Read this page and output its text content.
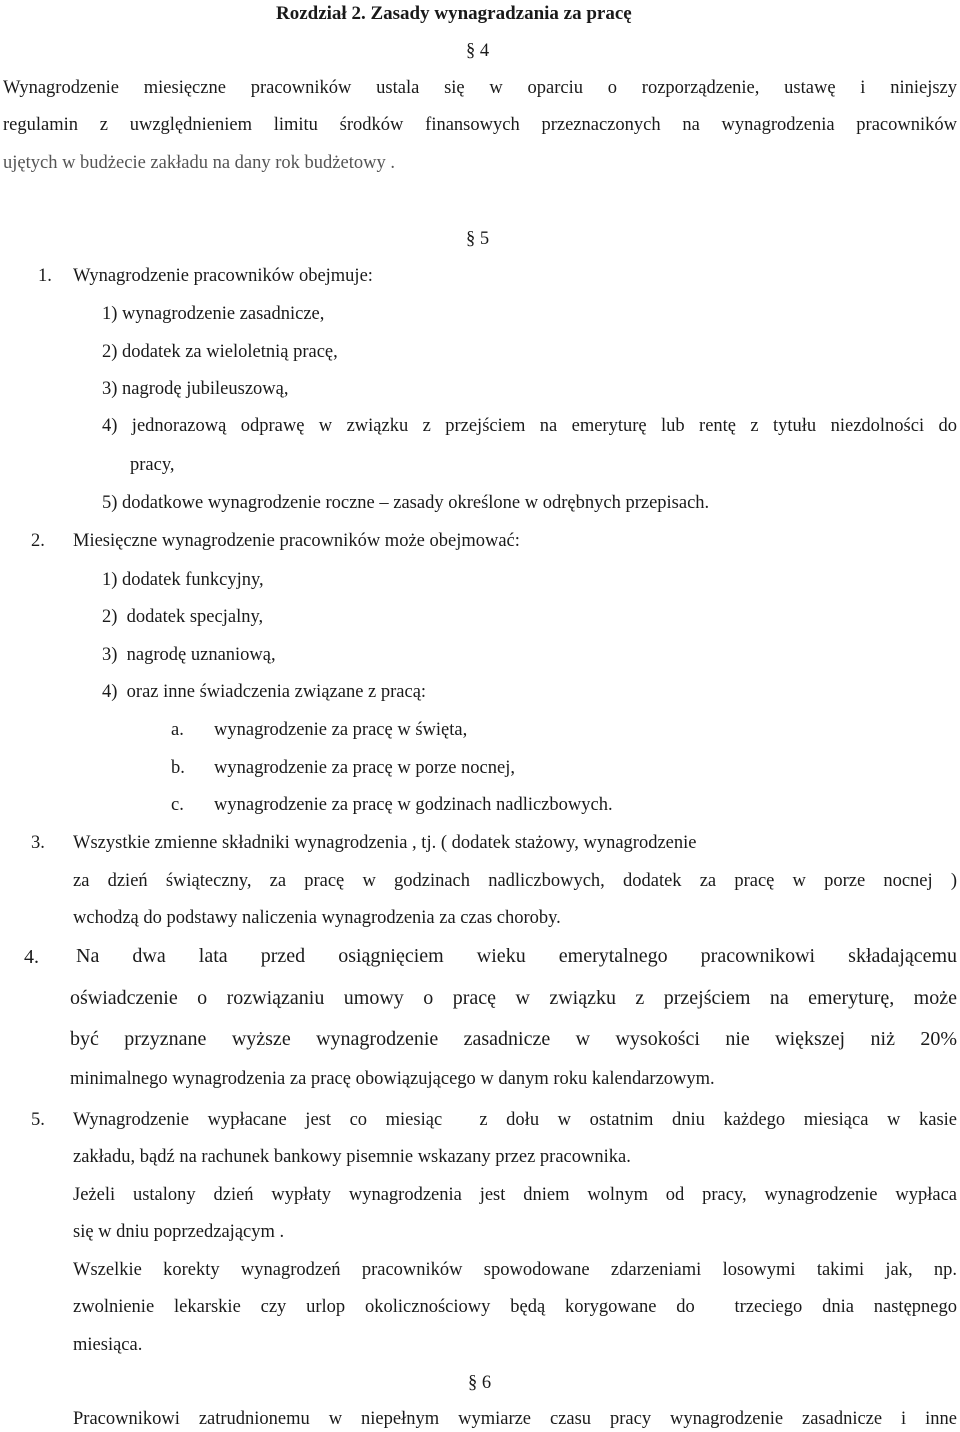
Rozdział 2. Zasady wynagradzania za pracę
§ 4
Wynagrodzenie miesięczne pracowników ustala się w oparciu o rozporządzenie, ustawę i niniejszy
regulamin z uwzględnieniem limitu środków finansowych przeznaczonych na wynagrodzenia pracowników
ujętych w budżecie zakładu na dany rok budżetowy .
§ 5
1. Wynagrodzenie pracowników obejmuje:
1) wynagrodzenie zasadnicze,
2) dodatek za wieloletnią pracę,
3) nagrodę jubileuszową,
4) jednorazową odprawę w związku z przejściem na emeryturę lub rentę z tytułu niezdolności do
pracy,
5) dodatkowe wynagrodzenie roczne – zasady określone w odrębnych przepisach.
2. Miesięczne wynagrodzenie pracowników może obejmować:
1) dodatek funkcyjny,
2)  dodatek specjalny,
3)  nagrodę uznaniową,
4)  oraz inne świadczenia związane z pracą:
a. wynagrodzenie za pracę w święta,
b. wynagrodzenie za pracę w porze nocnej,
c. wynagrodzenie za pracę w godzinach nadliczbowych.
3. Wszystkie zmienne składniki wynagrodzenia , tj. ( dodatek stażowy, wynagrodzenie
za dzień świąteczny, za pracę w godzinach nadliczbowych, dodatek za pracę w porze nocnej )
wchodzą do podstawy naliczenia wynagrodzenia za czas choroby.
4. Na dwa lata przed osiągnięciem wieku emerytalnego pracownikowi składającemu
oświadczenie o rozwiązaniu umowy o pracę w związku z przejściem na emeryturę, może
być przyznane wyższe wynagrodzenie zasadnicze w wysokości nie większej niż 20%
minimalnego wynagrodzenia za pracę obowiązującego w danym roku kalendarzowym.
5. Wynagrodzenie wypłacane jest co miesiąc  z dołu w ostatnim dniu każdego miesiąca w kasie
zakładu, bądź na rachunek bankowy pisemnie wskazany przez pracownika.
Jeżeli ustalony dzień wypłaty wynagrodzenia jest dniem wolnym od pracy, wynagrodzenie wypłaca
się w dniu poprzedzającym .
Wszelkie korekty wynagrodzeń pracowników spowodowane zdarzeniami losowymi takimi jak, np.
zwolnienie lekarskie czy urlop okolicznościowy będą korygowane do  trzeciego dnia następnego
miesiąca.
§ 6
Pracownikowi zatrudnionemu w niepełnym wymiarze czasu pracy wynagrodzenie zasadnicze i inne
